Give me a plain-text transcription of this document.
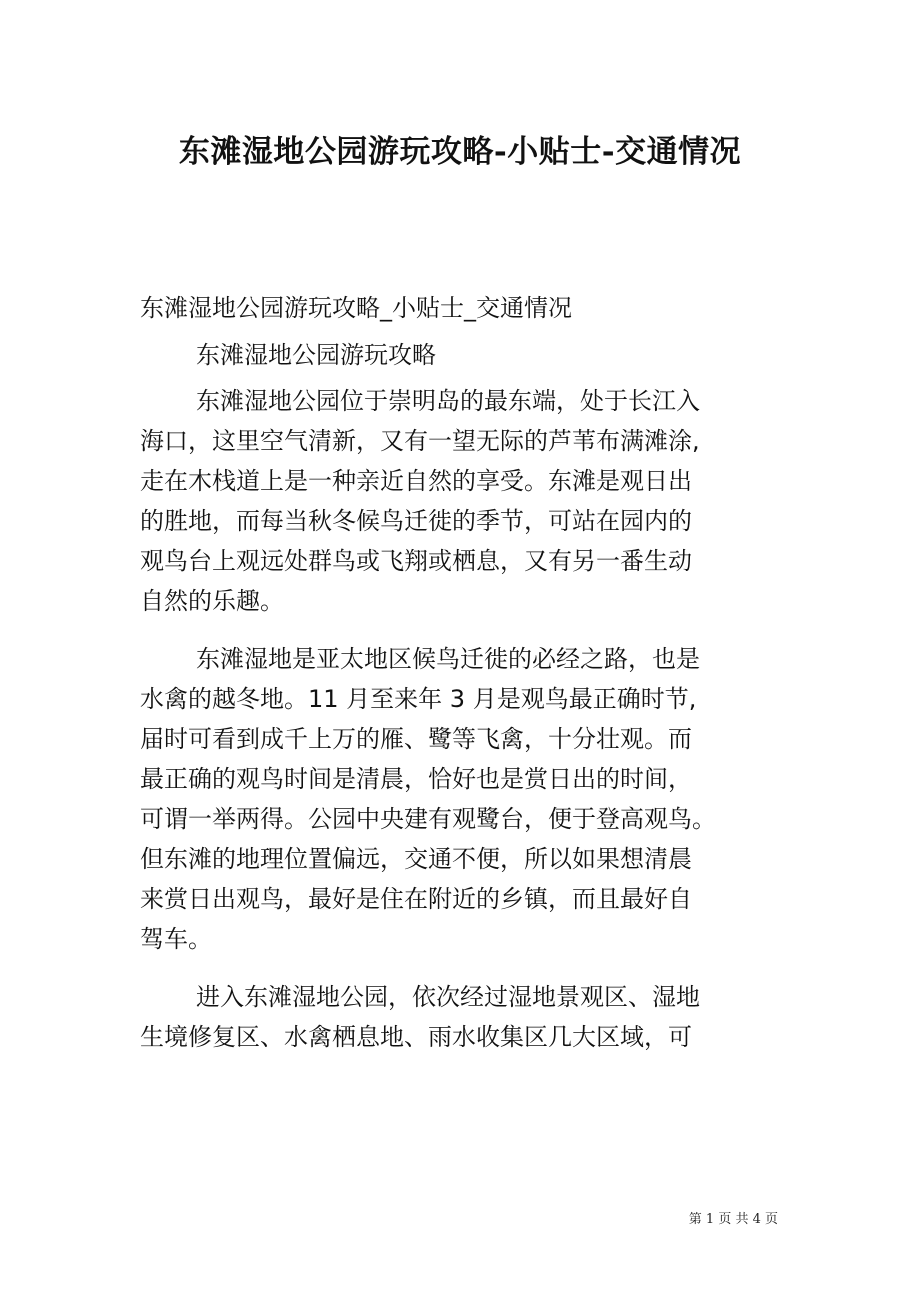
东滩湿地公园游玩攻略-小贴士-交通情况
东滩湿地公园游玩攻略_小贴士_交通情况
东滩湿地公园游玩攻略
东滩湿地公园位于崇明岛的最东端，处于长江入
海口，这里空气清新，又有一望无际的芦苇布满滩涂,
走在木栈道上是一种亲近自然的享受。东滩是观日出
的胜地，而每当秋冬候鸟迁徙的季节，可站在园内的
观鸟台上观远处群鸟或飞翔或栖息，又有另一番生动
自然的乐趣。
东滩湿地是亚太地区候鸟迁徙的必经之路，也是
水禽的越冬地。11 月至来年 3 月是观鸟最正确时节,
届时可看到成千上万的雁、鹭等飞禽，十分壮观。而
最正确的观鸟时间是清晨，恰好也是赏日出的时间，
可谓一举两得。公园中央建有观鹭台，便于登高观鸟。
但东滩的地理位置偏远，交通不便，所以如果想清晨
来赏日出观鸟，最好是住在附近的乡镇，而且最好自
驾车。
进入东滩湿地公园，依次经过湿地景观区、湿地
生境修复区、水禽栖息地、雨水收集区几大区域，可
第 1 页 共 4 页
